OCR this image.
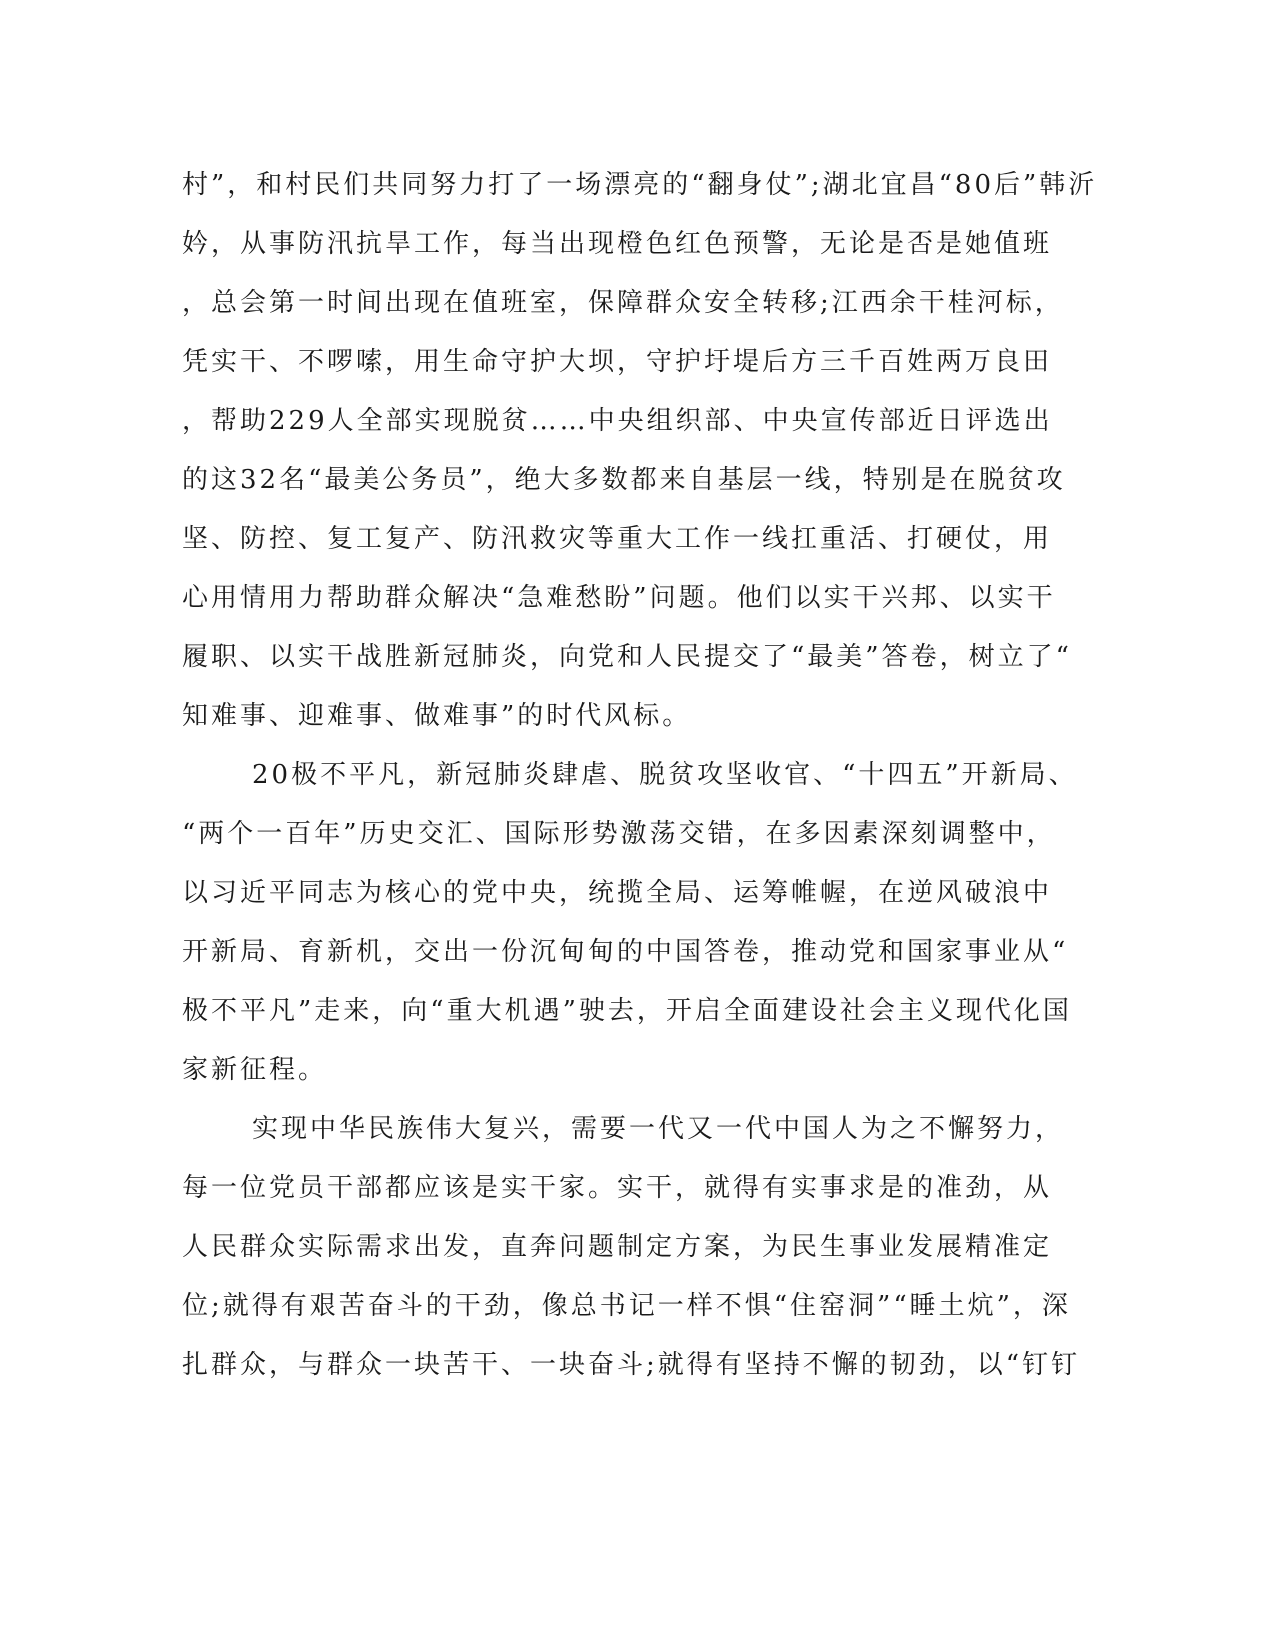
村”，和村民们共同努力打了一场漂亮的“翻身仗”;湖北宜昌“80后”韩沂
妗，从事防汛抗旱工作，每当出现橙色红色预警，无论是否是她值班
，总会第一时间出现在值班室，保障群众安全转移;江西余干桂河标，
凭实干、不啰嗦，用生命守护大坝，守护圩堤后方三千百姓两万良田
，帮助229人全部实现脱贫……中央组织部、中央宣传部近日评选出
的这32名“最美公务员”，绝大多数都来自基层一线，特别是在脱贫攻
坚、防控、复工复产、防汛救灾等重大工作一线扛重活、打硬仗，用
心用情用力帮助群众解决“急难愁盼”问题。他们以实干兴邦、以实干
履职、以实干战胜新冠肺炎，向党和人民提交了“最美”答卷，树立了“
知难事、迎难事、做难事”的时代风标。
20极不平凡，新冠肺炎肆虐、脱贫攻坚收官、“十四五”开新局、
“两个一百年”历史交汇、国际形势激荡交错，在多因素深刻调整中，
以习近平同志为核心的党中央，统揽全局、运筹帷幄，在逆风破浪中
开新局、育新机，交出一份沉甸甸的中国答卷，推动党和国家事业从“
极不平凡”走来，向“重大机遇”驶去，开启全面建设社会主义现代化国
家新征程。
实现中华民族伟大复兴，需要一代又一代中国人为之不懈努力，
每一位党员干部都应该是实干家。实干，就得有实事求是的准劲，从
人民群众实际需求出发，直奔问题制定方案，为民生事业发展精准定
位;就得有艰苦奋斗的干劲，像总书记一样不惧“住窑洞”“睡土炕”，深
扎群众，与群众一块苦干、一块奋斗;就得有坚持不懈的韧劲，以“钉钉
